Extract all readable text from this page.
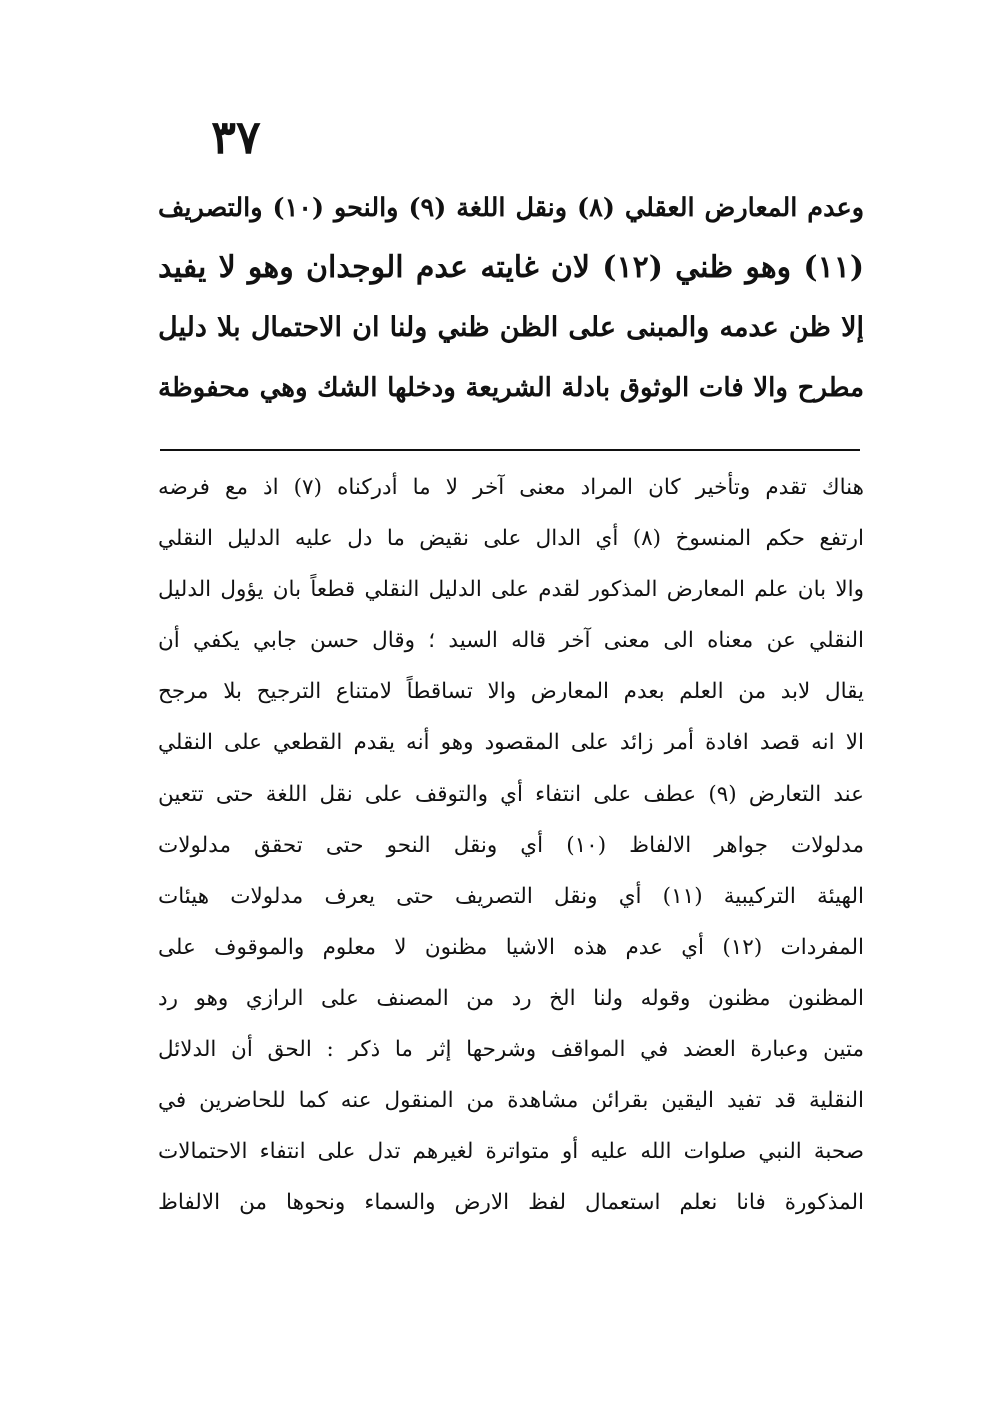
٣٧
وعدم المعارض العقلي (٨) ونقل اللغة (٩) والنحو (١٠) والتصريف
(١١) وهو ظني (١٢) لان غايته عدم الوجدان وهو لا يفيد
إلا ظن عدمه والمبنى على الظن ظني ولنا ان الاحتمال بلا دليل
مطرح والا فات الوثوق بادلة الشريعة ودخلها الشك وهي محفوظة
هناك تقدم وتأخير كان المراد معنى آخر لا ما أدركناه (٧) اذ مع فرضه
ارتفع حكم المنسوخ (٨) أي الدال على نقيض ما دل عليه الدليل النقلي
والا بان علم المعارض المذكور لقدم على الدليل النقلي قطعاً بان يؤول الدليل
النقلي عن معناه الى معنى آخر قاله السيد ؛ وقال حسن جابي يكفي أن
يقال لابد من العلم بعدم المعارض والا تساقطاً لامتناع الترجيح بلا مرجح
الا انه قصد افادة أمر زائد على المقصود وهو أنه يقدم القطعي على النقلي
عند التعارض (٩) عطف على انتفاء أي والتوقف على نقل اللغة حتى تتعين
مدلولات جواهر الالفاظ (١٠) أي ونقل النحو حتى تحقق مدلولات
الهيئة التركيبية (١١) أي ونقل التصريف حتى يعرف مدلولات هيئات
المفردات (١٢) أي عدم هذه الاشيا مظنون لا معلوم والموقوف على
المظنون مظنون وقوله ولنا الخ رد من المصنف على الرازي وهو رد
متين وعبارة العضد في المواقف وشرحها إثر ما ذكر : الحق أن الدلائل
النقلية قد تفيد اليقين بقرائن مشاهدة من المنقول عنه كما للحاضرين في
صحبة النبي صلوات الله عليه أو متواترة لغيرهم تدل على انتفاء الاحتمالات
المذكورة فانا نعلم استعمال لفظ الارض والسماء ونحوها من الالفاظ
